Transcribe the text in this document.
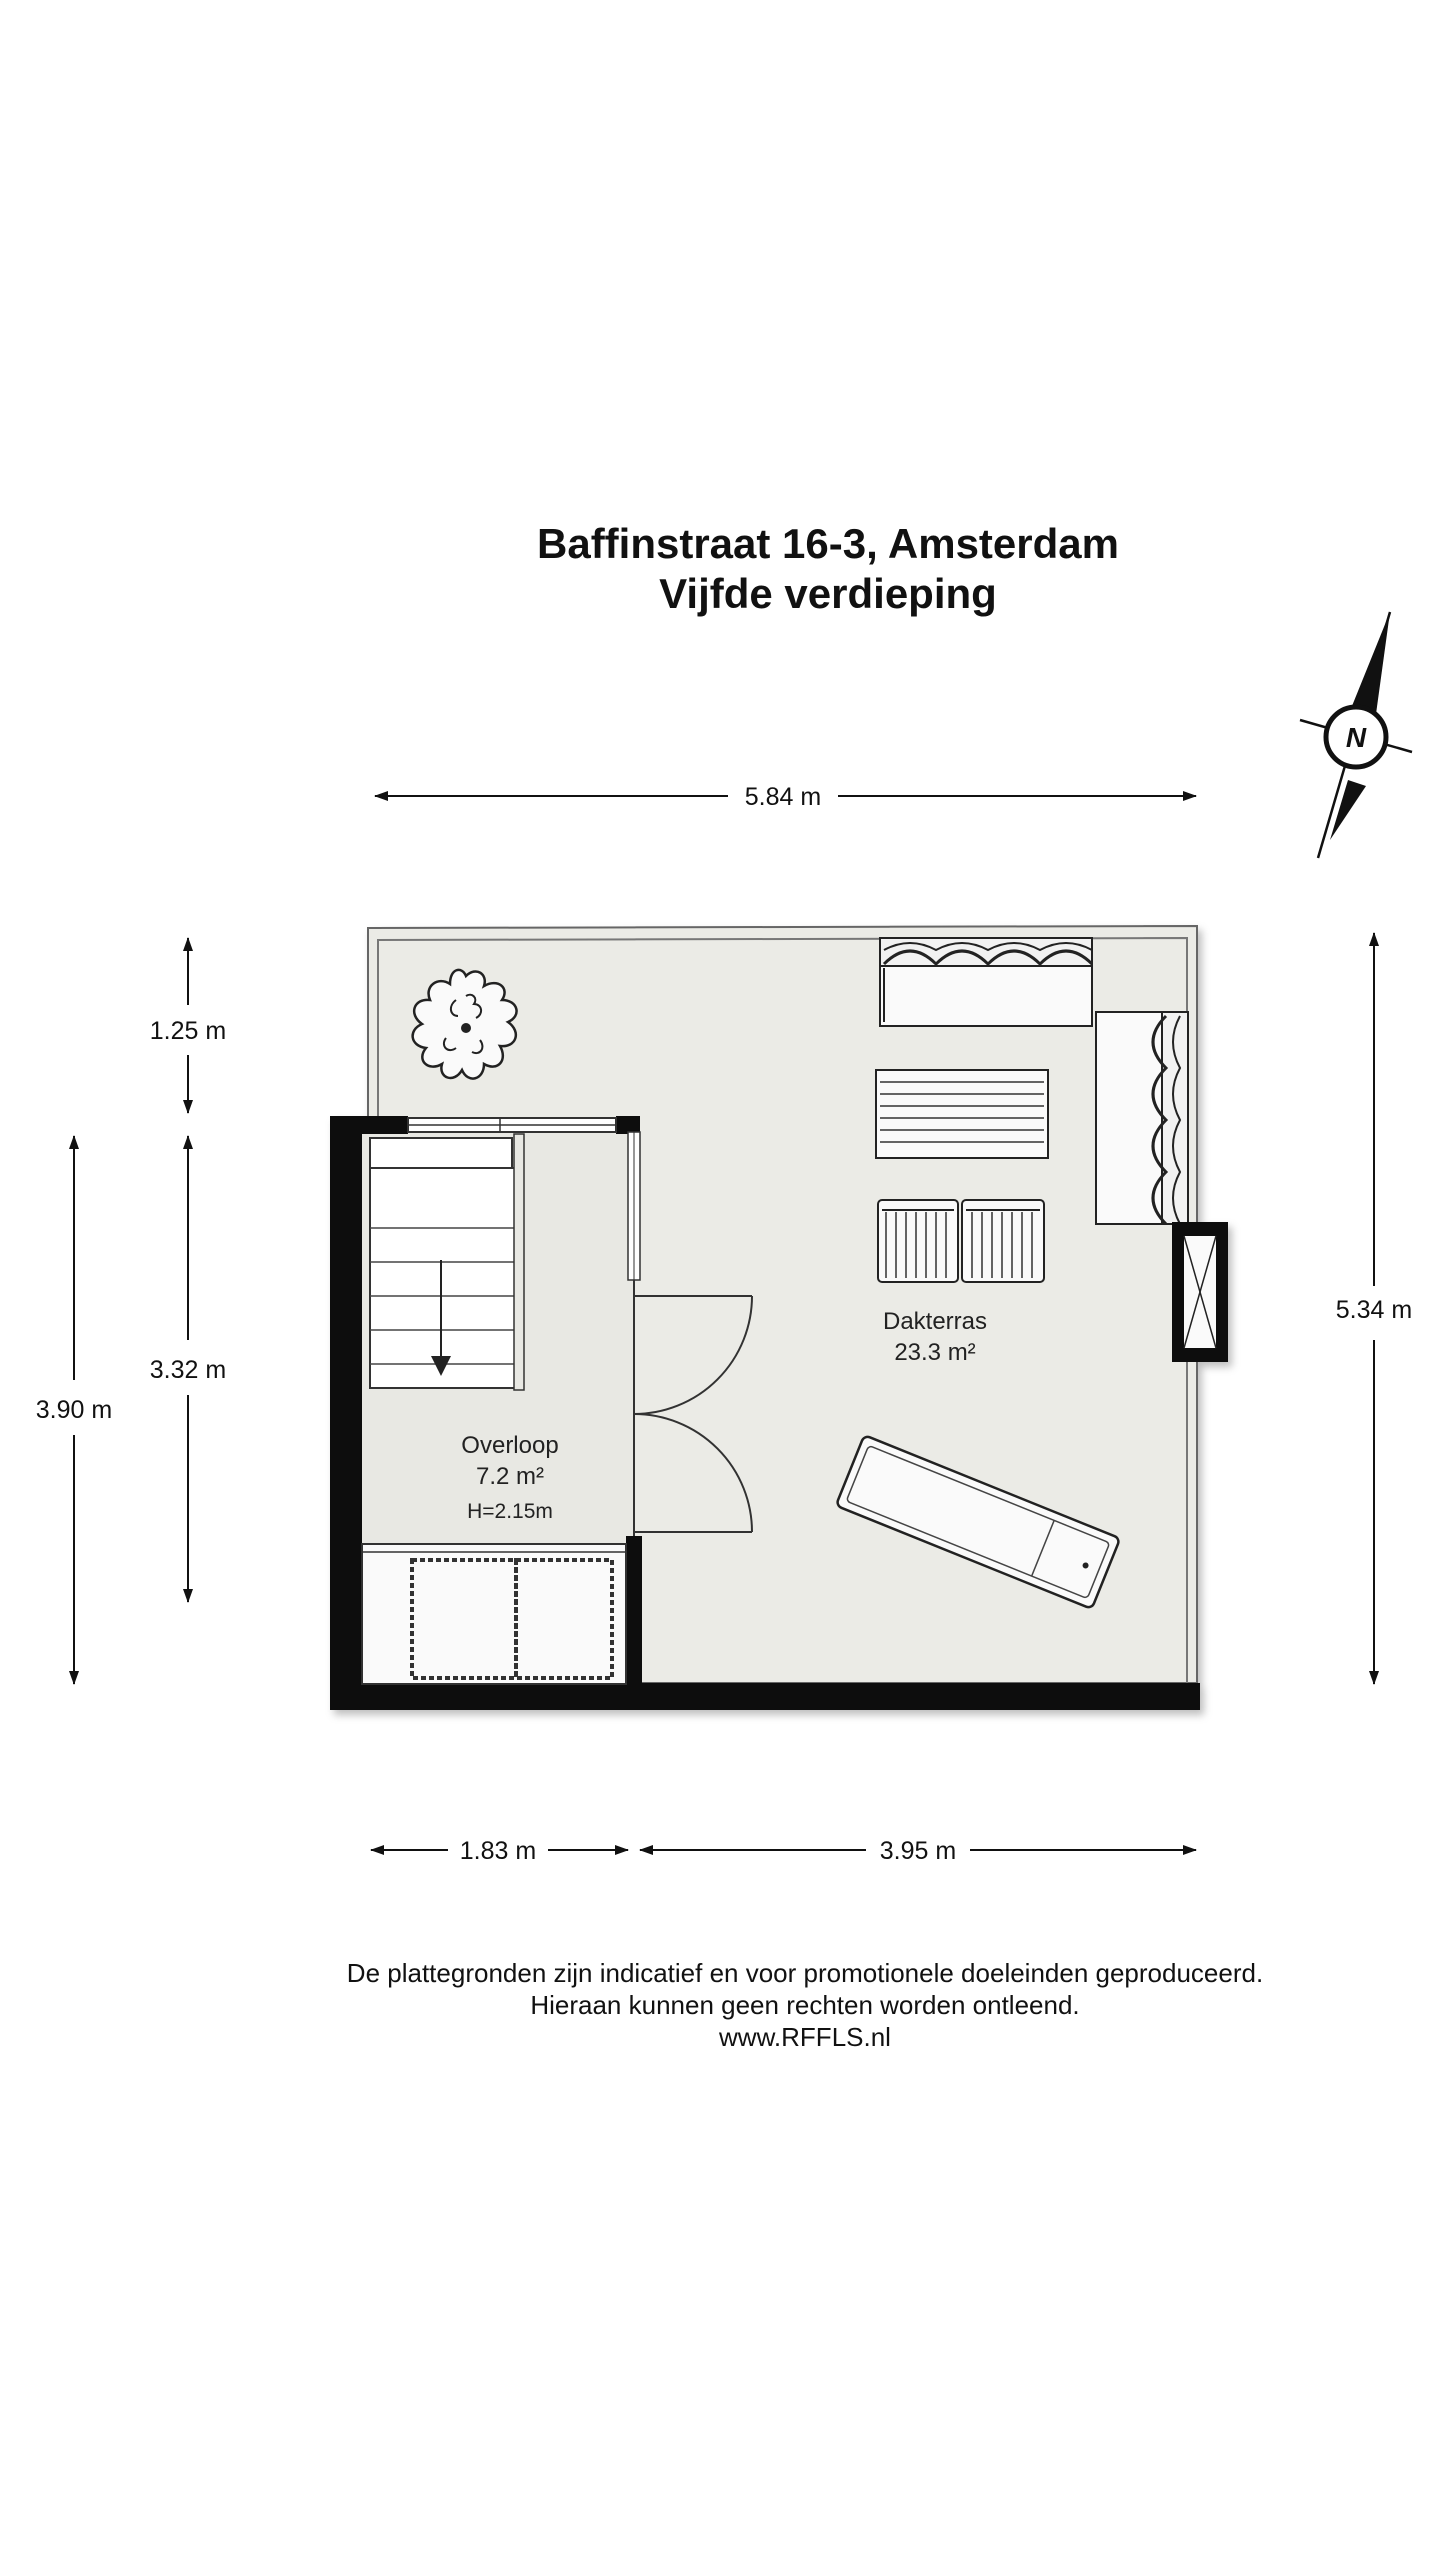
Baffinstraat 16-3, Amsterdam
Vijfde verdieping
N
5.84 m
1.25 m
3.32 m
3.90 m
5.34 m
1.83 m	3.95 m
Dakterras
23.3 m²
Overloop
7.2 m²
H=2.15m
De plattegronden zijn indicatief en voor promotionele doeleinden geproduceerd.
Hieraan kunnen geen rechten worden ontleend.
www.RFFLS.nl
